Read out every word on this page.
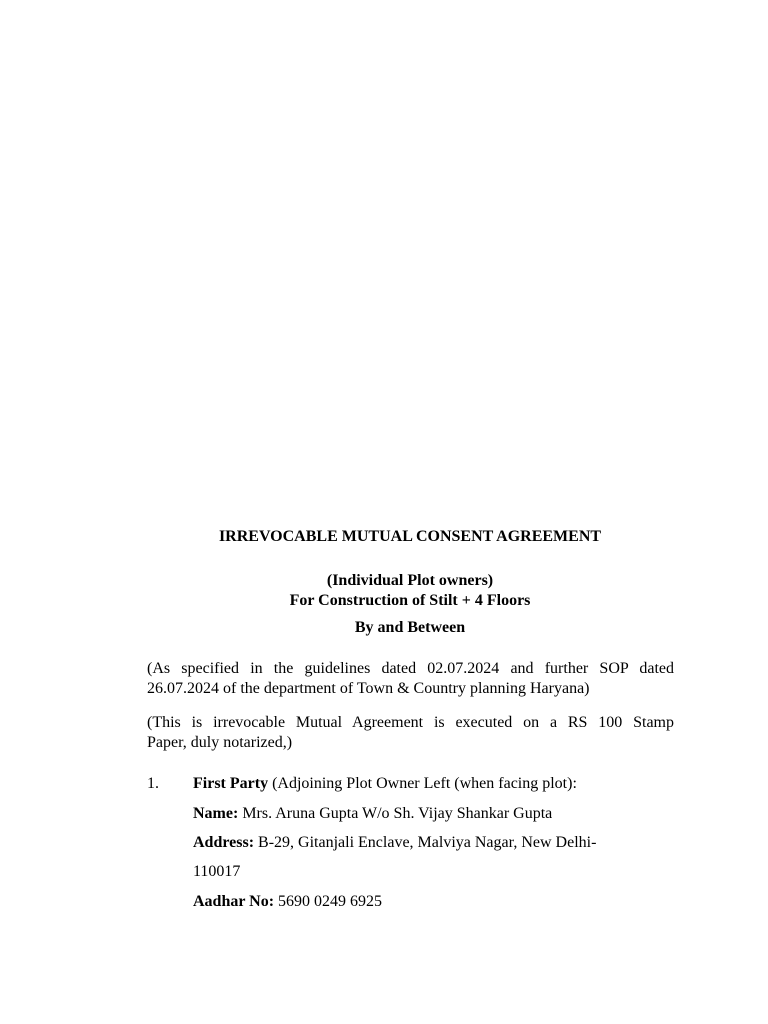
IRREVOCABLE MUTUAL CONSENT AGREEMENT
(Individual Plot owners)
For Construction of Stilt + 4 Floors
By and Between
(As specified in the guidelines dated 02.07.2024 and further SOP dated
26.07.2024 of the department of Town & Country planning Haryana)
(This is irrevocable Mutual Agreement is executed on a RS 100 Stamp
Paper, duly notarized,)
1. First Party (Adjoining Plot Owner Left (when facing plot):
Name: Mrs. Aruna Gupta W/o Sh. Vijay Shankar Gupta
Address: B-29, Gitanjali Enclave, Malviya Nagar, New Delhi-
110017
Aadhar No: 5690 0249 6925
